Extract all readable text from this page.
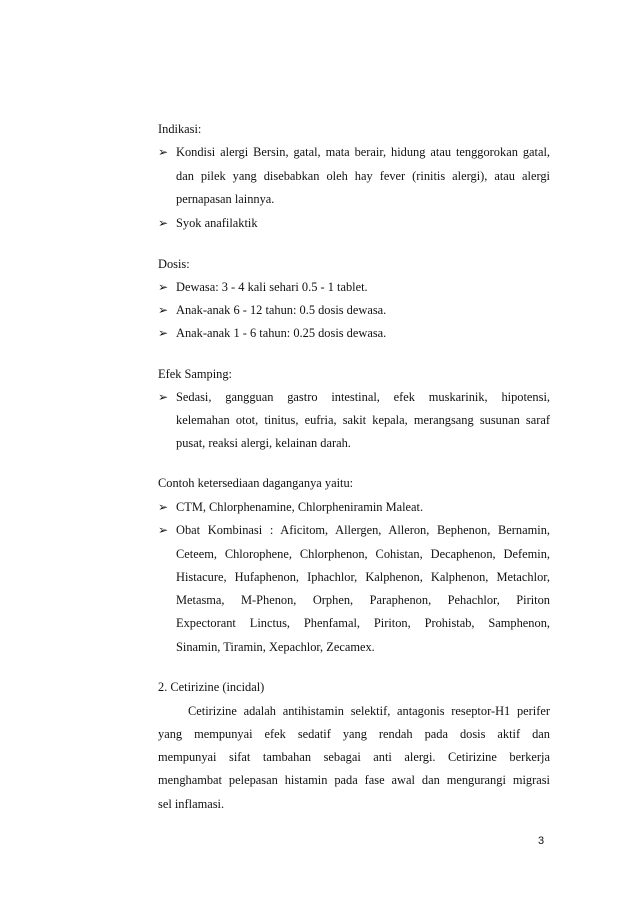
Indikasi:
➢ Kondisi alergi Bersin, gatal, mata berair, hidung atau tenggorokan gatal,
dan pilek yang disebabkan oleh hay fever (rinitis alergi), atau alergi
pernapasan lainnya.
➢ Syok anafilaktik
Dosis:
➢ Dewasa: 3 - 4 kali sehari 0.5 - 1 tablet.
➢ Anak-anak 6 - 12 tahun: 0.5 dosis dewasa.
➢ Anak-anak 1 - 6 tahun: 0.25 dosis dewasa.
Efek Samping:
➢ Sedasi, gangguan gastro intestinal, efek muskarinik, hipotensi,
kelemahan otot, tinitus, eufria, sakit kepala, merangsang susunan saraf
pusat, reaksi alergi, kelainan darah.
Contoh ketersediaan daganganya yaitu:
➢ CTM, Chlorphenamine, Chlorpheniramin Maleat.
➢ Obat Kombinasi : Aficitom, Allergen, Alleron, Bephenon, Bernamin,
Ceteem, Chlorophene, Chlorphenon, Cohistan, Decaphenon, Defemin,
Histacure, Hufaphenon, Iphachlor, Kalphenon, Kalphenon, Metachlor,
Metasma, M-Phenon, Orphen, Paraphenon, Pehachlor, Piriton
Expectorant Linctus, Phenfamal, Piriton, Prohistab, Samphenon,
Sinamin, Tiramin, Xepachlor, Zecamex.
2. Cetirizine (incidal)
Cetirizine adalah antihistamin selektif, antagonis reseptor-H1 perifer
yang mempunyai efek sedatif yang rendah pada dosis aktif dan
mempunyai sifat tambahan sebagai anti alergi. Cetirizine berkerja
menghambat pelepasan histamin pada fase awal dan mengurangi migrasi
sel inflamasi.
3
